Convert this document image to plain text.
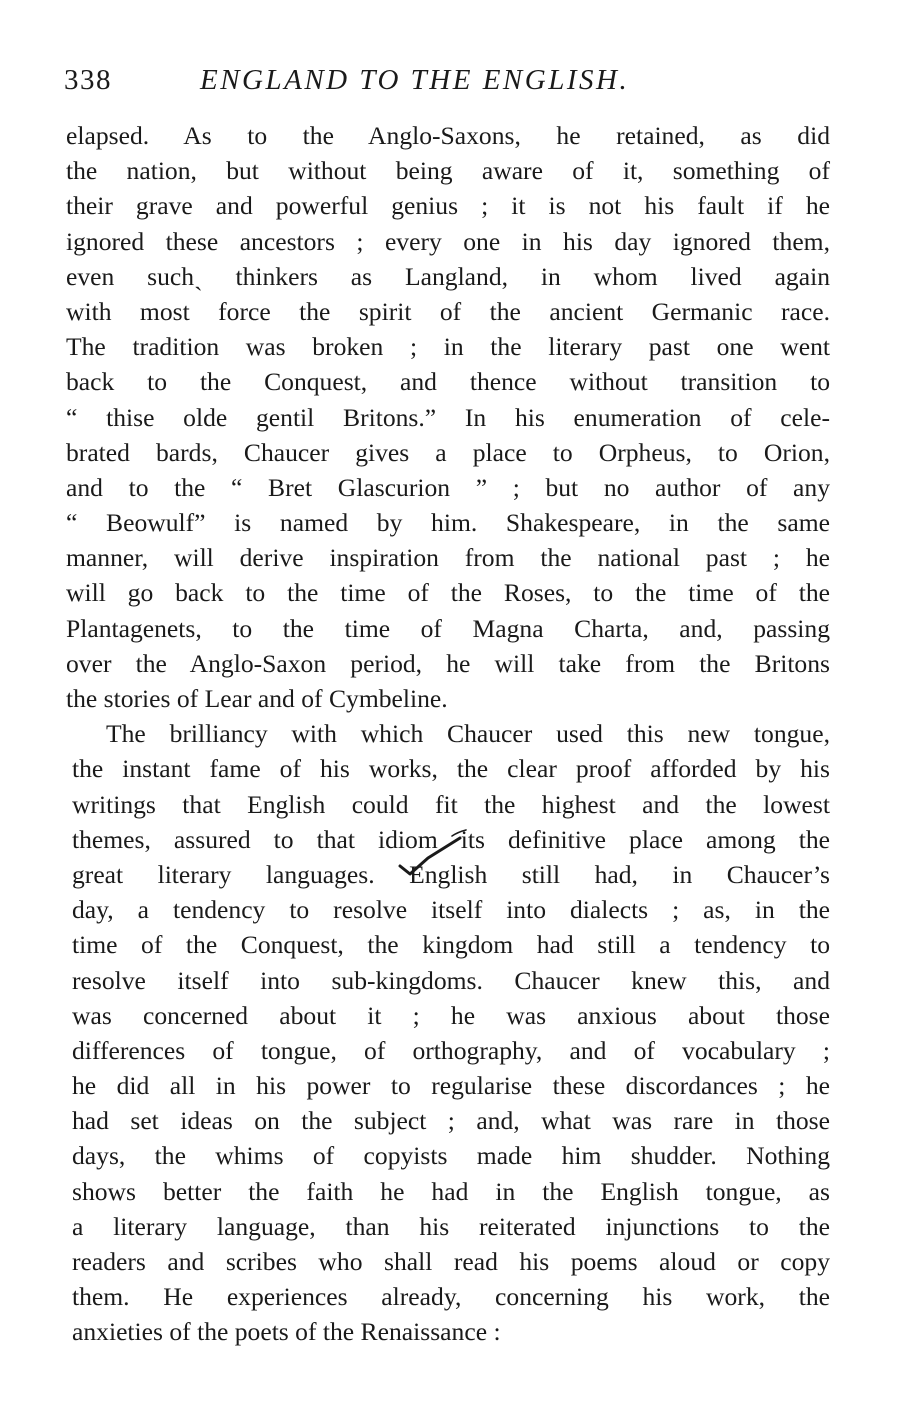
338	ENGLAND TO THE ENGLISH.
elapsed. As to the Anglo-Saxons, he retained, as did
the nation, but without being aware of it, something of
their grave and powerful genius ; it is not his fault if he
ignored these ancestors ; every one in his day ignored them,
even suchˎ thinkers as Langland, in whom lived again
with most force the spirit of the ancient Germanic race.
The tradition was broken ; in the literary past one went
back to the Conquest, and thence without transition to
“ thise olde gentil Britons.” In his enumeration of cele-
brated bards, Chaucer gives a place to Orpheus, to Orion,
and to the “ Bret Glascurion ” ; but no author of any
“ Beowulf” is named by him. Shakespeare, in the same
manner, will derive inspiration from the national past ; he
will go back to the time of the Roses, to the time of the
Plantagenets, to the time of Magna Charta, and, passing
over the Anglo-Saxon period, he will take from the Britons
the stories of Lear and of Cymbeline.
The brilliancy with which Chaucer used this new tongue,
the instant fame of his works, the clear proof afforded by his
writings that English could fit the highest and the lowest
themes, assured to that idiom its definitive place among the
great literary languages. English still had, in Chaucer’s
day, a tendency to resolve itself into dialects ; as, in the
time of the Conquest, the kingdom had still a tendency to
resolve itself into sub-kingdoms. Chaucer knew this, and
was concerned about it ; he was anxious about those
differences of tongue, of orthography, and of vocabulary ;
he did all in his power to regularise these discordances ; he
had set ideas on the subject ; and, what was rare in those
days, the whims of copyists made him shudder. Nothing
shows better the faith he had in the English tongue, as
a literary language, than his reiterated injunctions to the
readers and scribes who shall read his poems aloud or copy
them. He experiences already, concerning his work, the
anxieties of the poets of the Renaissance :
